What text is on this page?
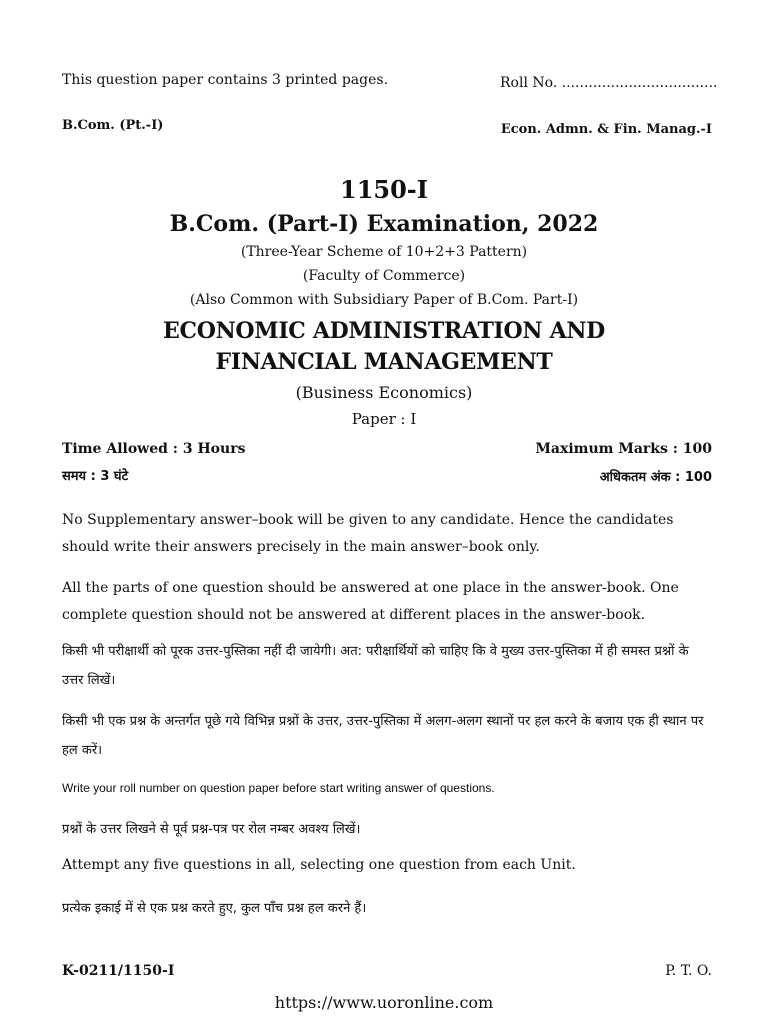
This question paper contains 3 printed pages.	Roll No. ...................................
B.Com. (Pt.-I)	Econ. Admn. & Fin. Manag.-I
1150-I
B.Com. (Part-I) Examination, 2022
(Three-Year Scheme of 10+2+3 Pattern)
(Faculty of Commerce)
(Also Common with Subsidiary Paper of B.Com. Part-I)
ECONOMIC ADMINISTRATION AND
FINANCIAL MANAGEMENT
(Business Economics)
Paper : I
Time Allowed : 3 Hours	Maximum Marks : 100
समय : 3 घंटे	अधिकतम अंक : 100
No Supplementary answer–book will be given to any candidate. Hence the candidates should write their answers precisely in the main answer–book only.
All the parts of one question should be answered at one place in the answer-book. One complete question should not be answered at different places in the answer-book.
किसी भी परीक्षार्थी को पूरक उत्तर-पुस्तिका नहीं दी जायेगी। अत: परीक्षार्थियों को चाहिए कि वे मुख्य उत्तर-पुस्तिका में ही समस्त प्रश्नों के उत्तर लिखें।
किसी भी एक प्रश्न के अन्तर्गत पूछे गये विभिन्न प्रश्नों के उत्तर, उत्तर-पुस्तिका में अलग-अलग स्थानों पर हल करने के बजाय एक ही स्थान पर हल करें।
Write your roll number on question paper before start writing answer of questions.
प्रश्नों के उत्तर लिखने से पूर्व प्रश्न-पत्र पर रोल नम्बर अवश्य लिखें।
Attempt any five questions in all, selecting one question from each Unit.
प्रत्येक इकाई में से एक प्रश्न करते हुए, कुल पाँच प्रश्न हल करने हैं।
K-0211/1150-I	P. T. O.
https://www.uoronline.com
